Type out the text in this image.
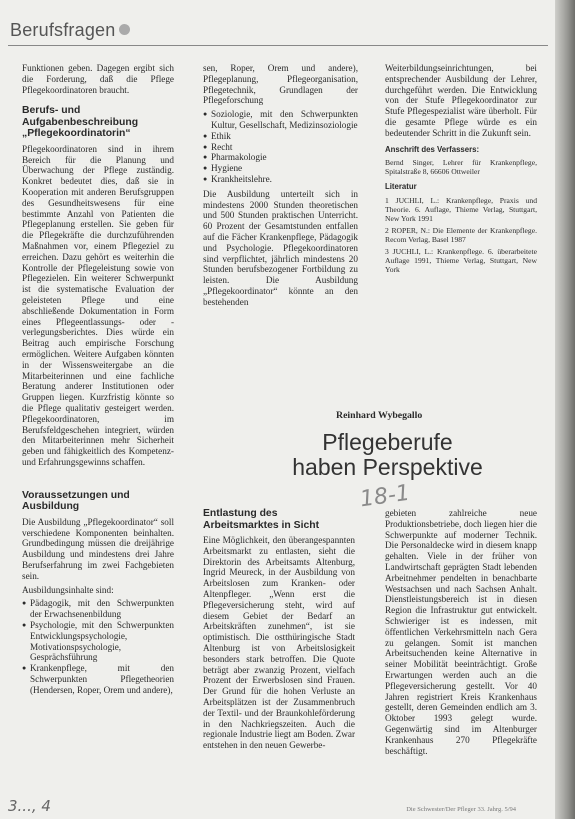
Berufsfragen

Funktionen geben. Dagegen ergibt sich die Forderung, daß die Pflege Pflegekoordinatoren braucht.

Berufs- und Aufgabenbeschreibung „Pflegekoordinatorin“

Pflegekoordinatoren sind in ihrem Bereich für die Planung und Überwachung der Pflege zuständig. Konkret bedeutet dies, daß sie in Kooperation mit anderen Berufsgruppen des Gesundheitswesens für eine bestimmte Anzahl von Patienten die Pflegeplanung erstellen. Sie geben für die Pflegekräfte die durchzuführenden Maßnahmen vor, einem Pflegeziel zu erreichen. Dazu gehört es weiterhin die Kontrolle der Pflegeleistung sowie von Pflegezielen. Ein weiterer Schwerpunkt ist die systematische Evaluation der geleisteten Pflege und eine abschließende Dokumentation in Form eines Pflegeentlassungs- oder -verlegungsberichtes. Dies würde ein Beitrag auch empirische Forschung ermöglichen. Weitere Aufgaben könnten in der Wissensweitergabe an die Mitarbeiterinnen und eine fachliche Beratung anderer Institutionen oder Gruppen liegen. Kurzfristig könnte so die Pflege qualitativ gesteigert werden. Pflegekoordinatoren, im Berufsfeldgeschehen integriert, würden den Mitarbeiterinnen mehr Sicherheit geben und fähigkeitlich des Kompetenz- und Erfahrungsgewinns schaffen.

Voraussetzungen und Ausbildung

Die Ausbildung „Pflegekoordinator“ soll verschiedene Komponenten beinhalten. Grundbedingung müssen die dreijährige Ausbildung und mindestens drei Jahre Berufserfahrung im zwei Fachgebieten sein.

Ausbildungsinhalte sind:

● Pädagogik, mit den Schwerpunkten der Erwachsenenbildung
● Psychologie, mit den Schwerpunkten Entwicklungspsychologie, Motivationspsychologie, Gesprächsführung
● Krankenpflege, mit den Schwerpunkten Pflegetheorien (Hendersen, Roper, Orem und andere),

sen, Roper, Orem und andere), Pflegeplanung, Pflegeorganisation, Pflegetechnik, Grundlagen der Pflegeforschung

● Soziologie, mit den Schwerpunkten Kultur, Gesellschaft, Medizinsoziologie
● Ethik
● Recht
● Pharmakologie
● Hygiene
● Krankheitslehre.

Die Ausbildung unterteilt sich in mindestens 2000 Stunden theoretischen und 500 Stunden praktischen Unterricht. 60 Prozent der Gesamtstunden entfallen auf die Fächer Krankenpflege, Pädagogik und Psychologie. Pflegekoordinatoren sind verpflichtet, jährlich mindestens 20 Stunden berufsbezogener Fortbildung zu leisten. Die Ausbildung „Pflegekoordinator“ könnte an den bestehenden

Weiterbildungseinrichtungen, bei entsprechender Ausbildung der Lehrer, durchgeführt werden. Die Entwicklung von der Stufe Pflegekoordinator zur Stufe Pflegespezialist wäre überholt. Für die gesamte Pflege würde es ein bedeutender Schritt in die Zukunft sein.

Anschrift des Verfassers:

Bernd Singer, Lehrer für Krankenpflege, Spitalstraße 8, 66606 Ottweiler

Literatur

1 JUCHLI, L.: Krankenpflege, Praxis und Theorie. 6. Auflage, Thieme Verlag, Stuttgart, New York 1991

2 ROPER, N.: Die Elemente der Krankenpflege. Recom Verlag, Basel 1987

3 JUCHLI, L.: Krankenpflege. 6. überarbeitete Auflage 1991, Thieme Verlag, Stuttgart, New York

Reinhard Wybegallo
Pflegeberufe
haben Perspektive
18-1
Entlastung des Arbeitsmarktes in Sicht

Eine Möglichkeit, den überangespannten Arbeitsmarkt zu entlasten, sieht die Direktorin des Arbeitsamts Altenburg, Ingrid Meureck, in der Ausbildung von Arbeitslosen zum Kranken- oder Altenpfleger. „Wenn erst die Pflegeversicherung steht, wird auf diesem Gebiet der Bedarf an Arbeitskräften zunehmen“, ist sie optimistisch. Die ostthüringische Stadt Altenburg ist von Arbeitslosigkeit besonders stark betroffen. Die Quote beträgt aber zwanzig Prozent, vielfach Prozent der Erwerbslosen sind Frauen. Der Grund für die hohen Verluste an Arbeitsplätzen ist der Zusammenbruch der Textil- und der Braunkohleförderung in den Nachkriegszeiten. Auch die regionale Industrie liegt am Boden. Zwar entstehen in den neuen Gewerbe-

gebieten zahlreiche neue Produktionsbetriebe, doch liegen hier die Schwerpunkte auf moderner Technik. Die Personaldecke wird in diesem knapp gehalten. Viele in der früher von Landwirtschaft geprägten Stadt lebenden Arbeitnehmer pendelten in benachbarte Westsachsen und nach Sachsen Anhalt. Dienstleistungsbereich ist in diesen Region die Infrastruktur gut entwickelt. Schwieriger ist es indessen, mit öffentlichen Verkehrsmitteln nach Gera zu gelangen. Somit ist manchen Arbeitsuchenden keine Alternative in seiner Mobilität beeinträchtigt. Große Erwartungen werden auch an die Pflegeversicherung gestellt. Vor 40 Jahren registriert Kreis Krankenhaus gestellt, deren Gemeinden endlich am 3. Oktober 1993 gelegt wurde. Gegenwärtig sind im Altenburger Krankenhaus 270 Pflegekräfte beschäftigt.

Die Schwester/Der Pfleger 33. Jahrg. 5/94
3..., 4
